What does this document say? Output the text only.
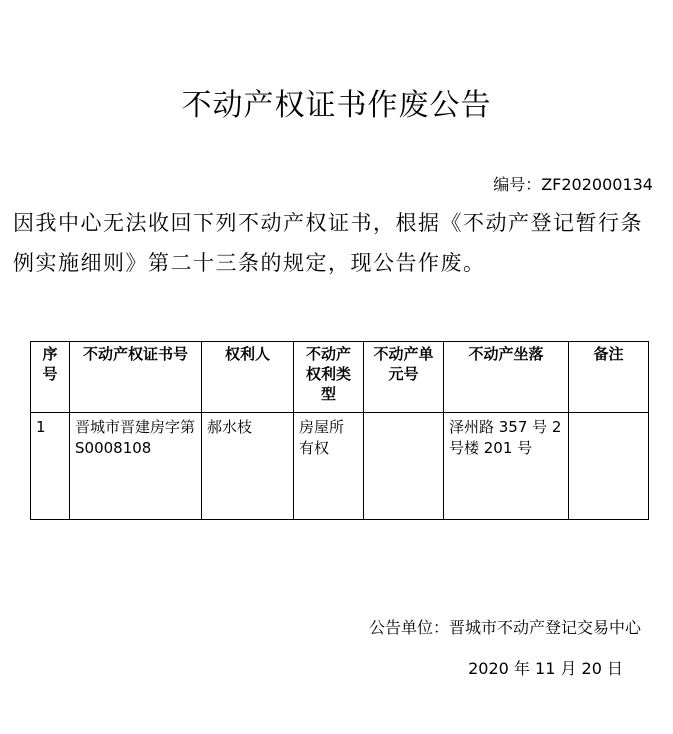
不动产权证书作废公告
编号：ZF202000134
因我中心无法收回下列不动产权证书，根据《不动产登记暂行条例实施细则》第二十三条的规定，现公告作废。
序号	不动产权证书号	权利人	不动产权利类型	不动产单元号	不动产坐落	备注
1	晋城市晋建房字第 S0008108	郝水枝	房屋所有权		泽州路 357 号 2 号楼 201 号	
公告单位：晋城市不动产登记交易中心
2020 年 11 月 20 日
